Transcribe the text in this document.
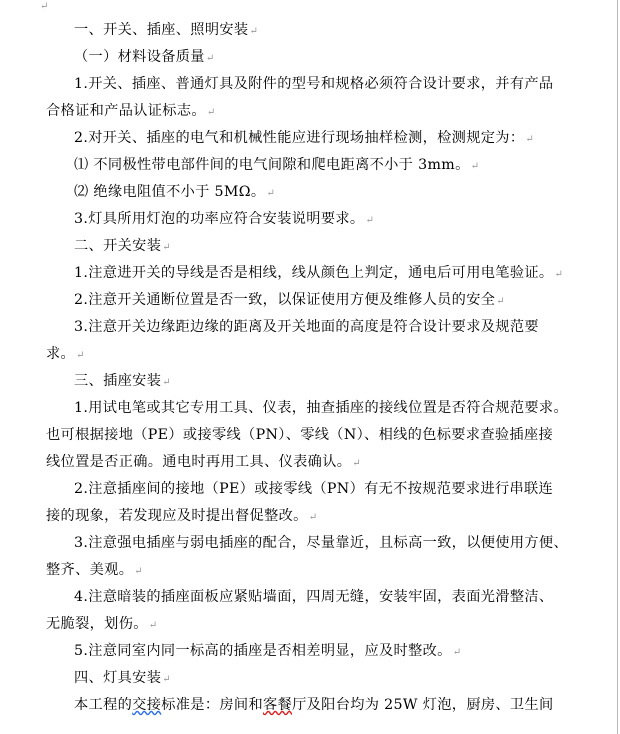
↵
一、开关、插座、照明安装↵
（一）材料设备质量↵
1.开关、插座、普通灯具及附件的型号和规格必须符合设计要求，并有产品
合格证和产品认证标志。↵
2.对开关、插座的电气和机械性能应进行现场抽样检测，检测规定为：↵
⑴ 不同极性带电部件间的电气间隙和爬电距离不小于 3mm。↵
⑵ 绝缘电阻值不小于 5MΩ。↵
3.灯具所用灯泡的功率应符合安装说明要求。↵
二、开关安装↵
1.注意进开关的导线是否是相线，线从颜色上判定，通电后可用电笔验证。↵
2.注意开关通断位置是否一致，以保证使用方便及维修人员的安全↵
3.注意开关边缘距边缘的距离及开关地面的高度是符合设计要求及规范要
求。↵
三、插座安装↵
1.用试电笔或其它专用工具、仪表，抽查插座的接线位置是否符合规范要求。
也可根据接地（PE）或接零线（PN）、零线（N）、相线的色标要求查验插座接
线位置是否正确。通电时再用工具、仪表确认。↵
2.注意插座间的接地（PE）或接零线（PN）有无不按规范要求进行串联连
接的现象，若发现应及时提出督促整改。↵
3.注意强电插座与弱电插座的配合，尽量靠近，且标高一致，以便使用方便、
整齐、美观。↵
4.注意暗装的插座面板应紧贴墙面，四周无缝，安装牢固，表面光滑整洁、
无脆裂，划伤。↵
5.注意同室内同一标高的插座是否相差明显，应及时整改。↵
四、灯具安装↵
本工程的交接标准是：房间和客餐厅及阳台均为 25W 灯泡，厨房、卫生间
